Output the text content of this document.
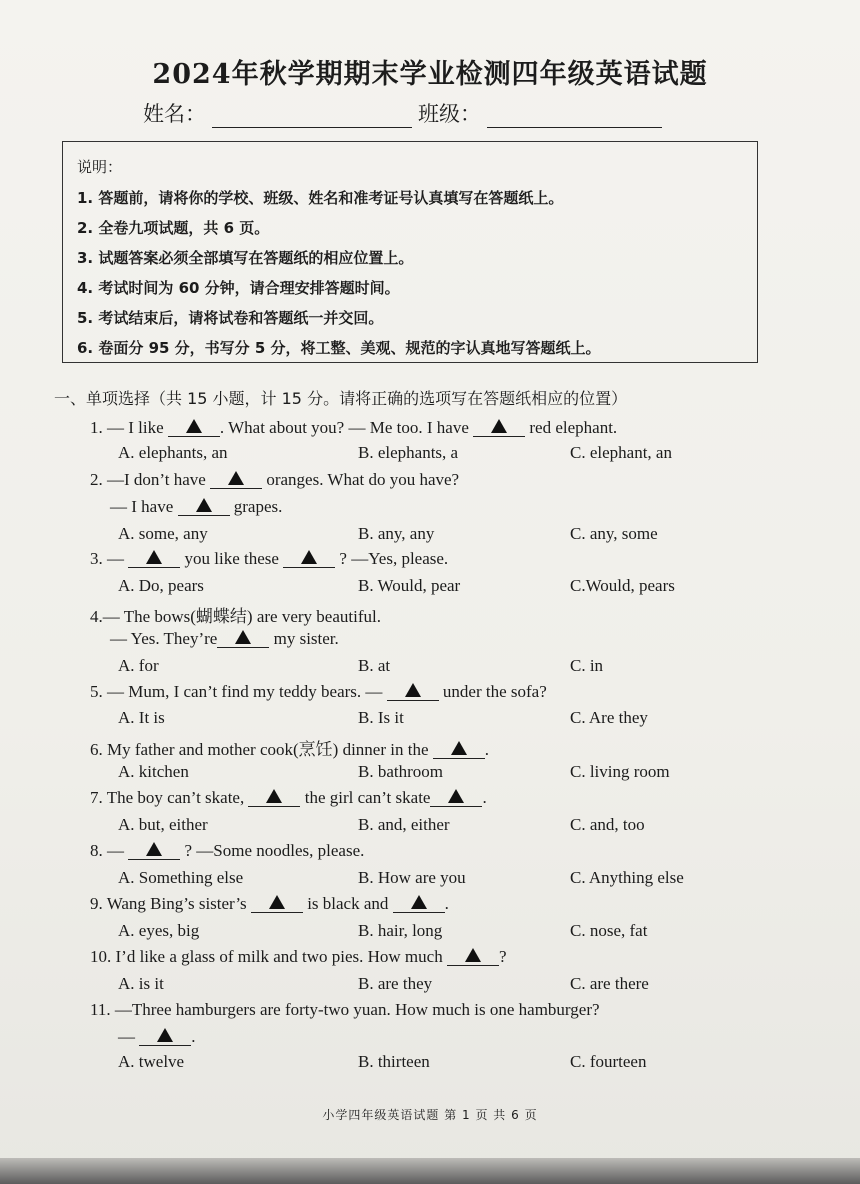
2024年秋学期期末学业检测四年级英语试题
姓名：	班级：
说明：
1. 答题前，请将你的学校、班级、姓名和准考证号认真填写在答题纸上。
2. 全卷九项试题，共 6 页。
3. 试题答案必须全部填写在答题纸的相应位置上。
4. 考试时间为 60 分钟，请合理安排答题时间。
5. 考试结束后，请将试卷和答题纸一并交回。
6. 卷面分 95 分，书写分 5 分，将工整、美观、规范的字认真地写答题纸上。
一、单项选择（共 15 小题，计 15 分。请将正确的选项写在答题纸相应的位置）
1. — I like	. What about you? — Me too. I have	red elephant.
A. elephants, an	B. elephants, a	C. elephant, an
2. —I don’t have	oranges. What do you have?
— I have	grapes.
A. some, any	B. any, any	C. any, some
3. —	you like these	? —Yes, please.
A. Do, pears	B. Would, pear	C.Would, pears
4.— The bows(蝴蝶结) are very beautiful.
— Yes. They’re	my sister.
A. for	B. at	C. in
5. — Mum, I can’t find my teddy bears. —	under the sofa?
A. It is	B. Is it	C. Are they
6. My father and mother cook(烹饪) dinner in the	.
A. kitchen	B. bathroom	C. living room
7. The boy can’t skate,	the girl can’t skate	.
A. but, either	B. and, either	C. and, too
8. —	? —Some noodles, please.
A. Something else	B. How are you	C. Anything else
9. Wang Bing’s sister’s	is black and	.
A. eyes, big	B. hair, long	C. nose, fat
10. I’d like a glass of milk and two pies. How much	?
A. is it	B. are they	C. are there
11. —Three hamburgers are forty-two yuan. How much is one hamburger?
—	.
A. twelve	B. thirteen	C. fourteen
小学四年级英语试题 第 1 页 共 6 页
